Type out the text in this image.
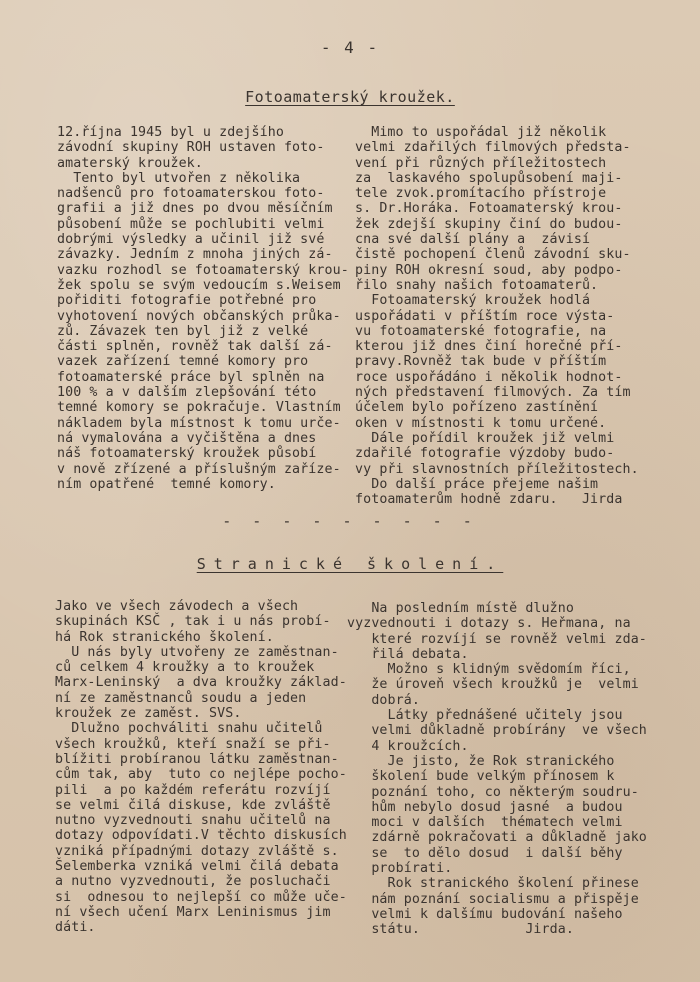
- 4 -
Fotoamaterský kroužek.
12.října 1945 byl u zdejšího
závodní skupiny ROH ustaven foto-
amaterský kroužek.
Tento byl utvořen z několika
nadšenců pro fotoamaterskou foto-
grafii a již dnes po dvou měsíčním
působení může se pochlubiti velmi
dobrými výsledky a učinil již své
závazky. Jedním z mnoha jiných zá-
vazku rozhodl se fotoamaterský krou-
žek spolu se svým vedoucím s.Weisem
pořiditi fotografie potřebné pro
vyhotovení nových občanských průka-
zů. Závazek ten byl již z velké
části splněn, rovněž tak další zá-
vazek zařízení temné komory pro
fotoamaterské práce byl splněn na
100 % a v dalším zlepšování této
temné komory se pokračuje. Vlastním
nákladem byla místnost k tomu urče-
ná vymalována a vyčištěna a dnes
náš fotoamaterský kroužek působí
v nově zřízené a příslušným zaříze-
ním opatřené  temné komory.
Mimo to uspořádal již několik
velmi zdařilých filmových předsta-
vení při různých příležitostech
za  laskavého spolupůsobení maji-
tele zvok.promítacího přístroje
s. Dr.Horáka. Fotoamaterský krou-
žek zdejší skupiny činí do budou-
cna své další plány a  závisí
čistě pochopení členů závodní sku-
piny ROH okresní soud, aby podpo-
řilo snahy našich fotoamaterů.
Fotoamaterský kroužek hodlá
uspořádati v příštím roce výsta-
vu fotoamaterské fotografie, na
kterou již dnes činí horečné pří-
pravy.Rovněž tak bude v příštím
roce uspořádáno i několik hodnot-
ných představení filmových. Za tím
účelem bylo pořízeno zastínění
oken v místnosti k tomu určené.
Dále pořídil kroužek již velmi
zdařilé fotografie výzdoby budo-
vy při slavnostních příležitostech.
Do další práce přejeme našim
fotoamaterům hodně zdaru.   Jirda
- - - - - - - - -
Stranické školení.
Jako ve všech závodech a všech
skupinách KSČ , tak i u nás probí-
há Rok stranického školení.
U nás byly utvořeny ze zaměstnan-
ců celkem 4 kroužky a to kroužek
Marx-Leninský  a dva kroužky základ-
ní ze zaměstnanců soudu a jeden
kroužek ze zaměst. SVS.
Dlužno pochváliti snahu učitelů
všech kroužků, kteří snaží se při-
blížiti probíranou látku zaměstnan-
cům tak, aby  tuto co nejlépe pocho-
pili  a po každém referátu rozvíjí
se velmi čilá diskuse, kde zvláště
nutno vyzvednouti snahu učitelů na
dotazy odpovídati.V těchto diskusích
vzniká případnými dotazy zvláště s.
Šelemberka vzniká velmi čilá debata
a nutno vyzvednouti, že posluchači
si  odnesou to nejlepší co může uče-
ní všech učení Marx Leninismus jim
dáti.
Na posledním místě dlužno
vyzvednouti i dotazy s. Heřmana, na
které rozvíjí se rovněž velmi zda-
řilá debata.
Možno s klidným svědomím říci,
že úroveň všech kroužků je  velmi
dobrá.
Látky přednášené učitely jsou
velmi důkladně probírány  ve všech
4 kroužcích.
Je jisto, že Rok stranického
školení bude velkým přínosem k
poznání toho, co některým soudru-
hům nebylo dosud jasné  a budou
moci v dalších  thématech velmi
zdárně pokračovati a důkladně jako
se  to dělo dosud  i další běhy
probírati.
Rok stranického školení přinese
nám poznání socialismu a přispěje
velmi k dalšímu budování našeho
státu.             Jirda.
